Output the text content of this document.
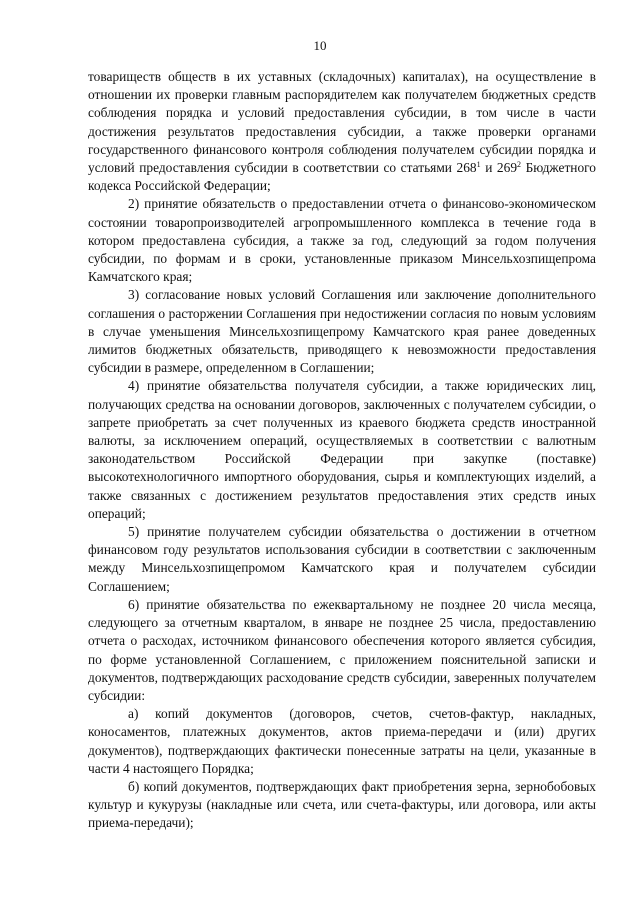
10

товариществ обществ в их уставных (складочных) капиталах), на осуществление в отношении их проверки главным распорядителем как получателем бюджетных средств соблюдения порядка и условий предоставления субсидии, в том числе в части достижения результатов предоставления субсидии, а также проверки органами государственного финансового контроля соблюдения получателем субсидии порядка и условий предоставления субсидии в соответствии со статьями $268^1$ и $269^2$ Бюджетного кодекса Российской Федерации;

2) принятие обязательств о предоставлении отчета о финансово-экономическом состоянии товаропроизводителей агропромышленного комплекса в течение года в котором предоставлена субсидия, а также за год, следующий за годом получения субсидии, по формам и в сроки, установленные приказом Минсельхозпищепрома Камчатского края;

3) согласование новых условий Соглашения или заключение дополнительного соглашения о расторжении Соглашения при недостижении согласия по новым условиям в случае уменьшения Минсельхозпищепрому Камчатского края ранее доведенных лимитов бюджетных обязательств, приводящего к невозможности предоставления субсидии в размере, определенном в Соглашении;

4) принятие обязательства получателя субсидии, а также юридических лиц, получающих средства на основании договоров, заключенных с получателем субсидии, о запрете приобретать за счет полученных из краевого бюджета средств иностранной валюты, за исключением операций, осуществляемых в соответствии с валютным законодательством Российской Федерации при закупке (поставке) высокотехнологичного импортного оборудования, сырья и комплектующих изделий, а также связанных с достижением результатов предоставления этих средств иных операций;

5) принятие получателем субсидии обязательства о достижении в отчетном финансовом году результатов использования субсидии в соответствии с заключенным между Минсельхозпищепромом Камчатского края и получателем субсидии Соглашением;

6) принятие обязательства по ежеквартальному не позднее 20 числа месяца, следующего за отчетным кварталом, в январе не позднее 25 числа, предоставлению отчета о расходах, источником финансового обеспечения которого является субсидия, по форме установленной Соглашением, с приложением пояснительной записки и документов, подтверждающих расходование средств субсидии, заверенных получателем субсидии:

а) копий документов (договоров, счетов, счетов-фактур, накладных, коносаментов, платежных документов, актов приема-передачи и (или) других документов), подтверждающих фактически понесенные затраты на цели, указанные в части 4 настоящего Порядка;

б) копий документов, подтверждающих факт приобретения зерна, зернобобовых культур и кукурузы (накладные или счета, или счета-фактуры, или договора, или акты приема-передачи);
